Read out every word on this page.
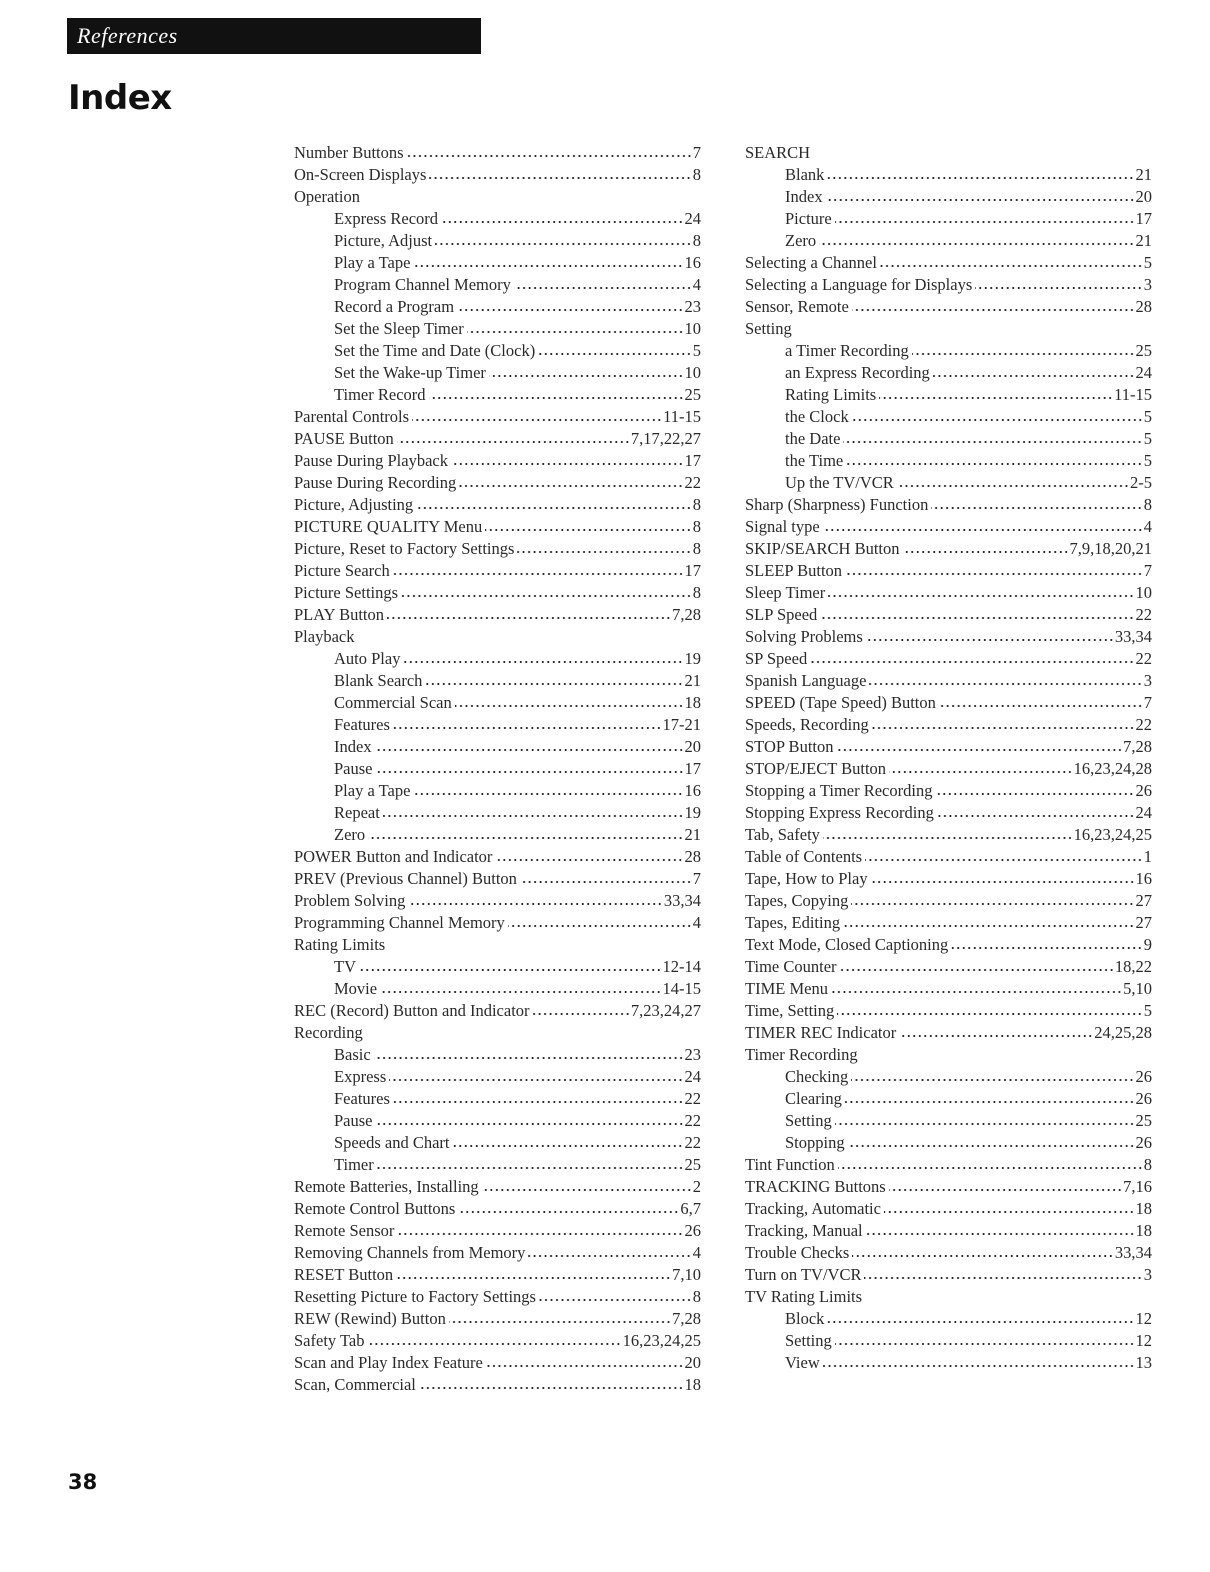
References
Index
Number Buttons	7
On-Screen Displays	8
Operation
Express Record	24
Picture, Adjust	8
Play a Tape	16
Program Channel Memory	4
Record a Program	23
Set the Sleep Timer	10
Set the Time and Date (Clock)	5
Set the Wake-up Timer	10
Timer Record	25
Parental Controls	11-15
PAUSE Button	7,17,22,27
Pause During Playback	17
Pause During Recording	22
Picture, Adjusting	8
PICTURE QUALITY Menu	8
Picture, Reset to Factory Settings	8
Picture Search	17
Picture Settings	8
PLAY Button	7,28
Playback
Auto Play	19
Blank Search	21
Commercial Scan	18
Features	17-21
Index	20
Pause	17
Play a Tape	16
Repeat	19
Zero	21
POWER Button and Indicator	28
PREV (Previous Channel) Button	7
Problem Solving	33,34
Programming Channel Memory	4
Rating Limits
TV	12-14
Movie	14-15
REC (Record) Button and Indicator	7,23,24,27
Recording
Basic	23
Express	24
Features	22
Pause	22
Speeds and Chart	22
Timer	25
Remote Batteries, Installing	2
Remote Control Buttons	6,7
Remote Sensor	26
Removing Channels from Memory	4
RESET Button	7,10
Resetting Picture to Factory Settings	8
REW (Rewind) Button	7,28
Safety Tab	16,23,24,25
Scan and Play Index Feature	20
Scan, Commercial	18
SEARCH
Blank	21
Index	20
Picture	17
Zero	21
Selecting a Channel	5
Selecting a Language for Displays	3
Sensor, Remote	28
Setting
a Timer Recording	25
an Express Recording	24
Rating Limits	11-15
the Clock	5
the Date	5
the Time	5
Up the TV/VCR	2-5
Sharp (Sharpness) Function	8
Signal type	4
SKIP/SEARCH Button	7,9,18,20,21
SLEEP Button	7
Sleep Timer	10
SLP Speed	22
Solving Problems	33,34
SP Speed	22
Spanish Language	3
SPEED (Tape Speed) Button	7
Speeds, Recording	22
STOP Button	7,28
STOP/EJECT Button	16,23,24,28
Stopping a Timer Recording	26
Stopping Express Recording	24
Tab, Safety	16,23,24,25
Table of Contents	1
Tape, How to Play	16
Tapes, Copying	27
Tapes, Editing	27
Text Mode, Closed Captioning	9
Time Counter	18,22
TIME Menu	5,10
Time, Setting	5
TIMER REC Indicator	24,25,28
Timer Recording
Checking	26
Clearing	26
Setting	25
Stopping	26
Tint Function	8
TRACKING Buttons	7,16
Tracking, Automatic	18
Tracking, Manual	18
Trouble Checks	33,34
Turn on TV/VCR	3
TV Rating Limits
Block	12
Setting	12
View	13
38
